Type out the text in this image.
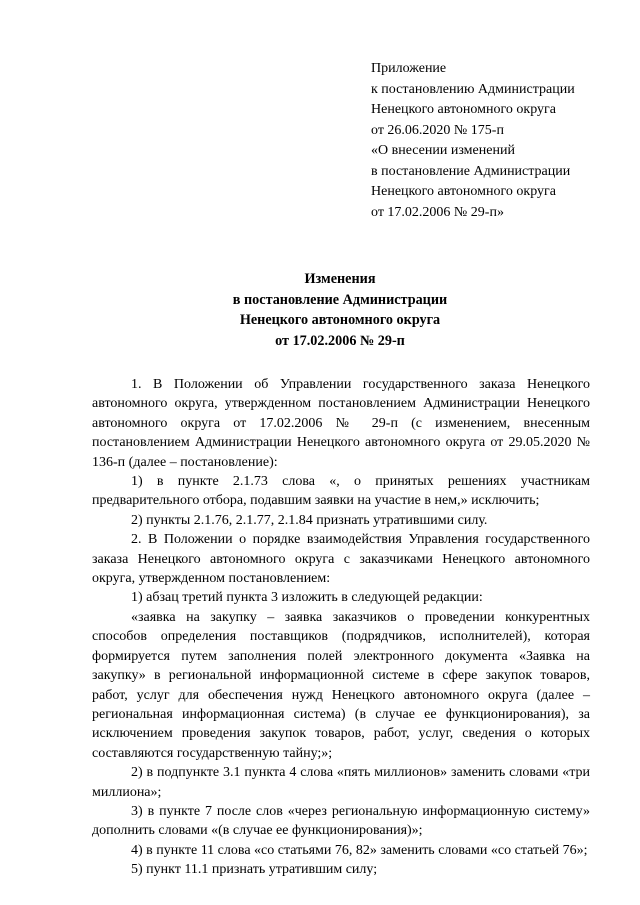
Приложение
к постановлению Администрации
Ненецкого автономного округа
от 26.06.2020 № 175-п
«О внесении изменений
в постановление Администрации
Ненецкого автономного округа
от 17.02.2006 № 29-п»
Изменения
в постановление Администрации
Ненецкого автономного округа
от 17.02.2006 № 29-п

1. В Положении об Управлении государственного заказа Ненецкого автономного округа, утвержденном постановлением Администрации Ненецкого автономного округа от 17.02.2006 № 29-п (с изменением, внесенным постановлением Администрации Ненецкого автономного округа от 29.05.2020 № 136-п (далее – постановление):

1) в пункте 2.1.73 слова «, о принятых решениях участникам предварительного отбора, подавшим заявки на участие в нем,» исключить;

2) пункты 2.1.76, 2.1.77, 2.1.84 признать утратившими силу.

2. В Положении о порядке взаимодействия Управления государственного заказа Ненецкого автономного округа с заказчиками Ненецкого автономного округа, утвержденном постановлением:

1) абзац третий пункта 3 изложить в следующей редакции:

«заявка на закупку – заявка заказчиков о проведении конкурентных способов определения поставщиков (подрядчиков, исполнителей), которая формируется путем заполнения полей электронного документа «Заявка на закупку» в региональной информационной системе в сфере закупок товаров, работ, услуг для обеспечения нужд Ненецкого автономного округа (далее – региональная информационная система) (в случае ее функционирования), за исключением проведения закупок товаров, работ, услуг, сведения о которых составляются государственную тайну;»;

2) в подпункте 3.1 пункта 4 слова «пять миллионов» заменить словами «три миллиона»;

3) в пункте 7 после слов «через региональную информационную систему» дополнить словами «(в случае ее функционирования)»;

4) в пункте 11 слова «со статьями 76, 82» заменить словами «со статьей 76»;

5) пункт 11.1 признать утратившим силу;
